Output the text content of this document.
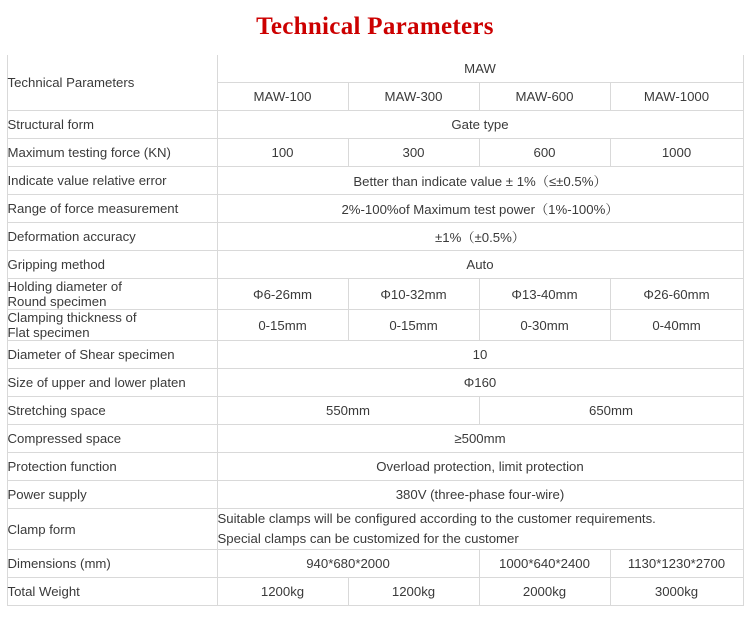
Technical Parameters
Technical Parameters	MAW			
	MAW-100	MAW-300	MAW-600	MAW-1000
Structural form	Gate type			
Maximum testing force (KN)	100	300	600	1000
Indicate value relative error	Better than indicate value ± 1%（≤±0.5%）			
Range of force measurement	2%-100%of Maximum test power（1%-100%）			
Deformation accuracy	±1%（±0.5%）			
Gripping method	Auto			
Holding diameter of
Round specimen	Φ6-26mm	Φ10-32mm	Φ13-40mm	Φ26-60mm
Clamping thickness of
Flat specimen	0-15mm	0-15mm	0-30mm	0-40mm
Diameter of Shear specimen	10			
Size of upper and lower platen	Φ160			
Stretching space	550mm		650mm	
Compressed space	≥500mm			
Protection function	Overload protection, limit protection			
Power supply	380V (three-phase four-wire)			
Clamp form	Suitable clamps will be configured according to the customer requirements.
Special clamps can be customized for the customer			
Dimensions (mm)	940*680*2000		1000*640*2400	1130*1230*2700
Total Weight	1200kg	1200kg	2000kg	3000kg
